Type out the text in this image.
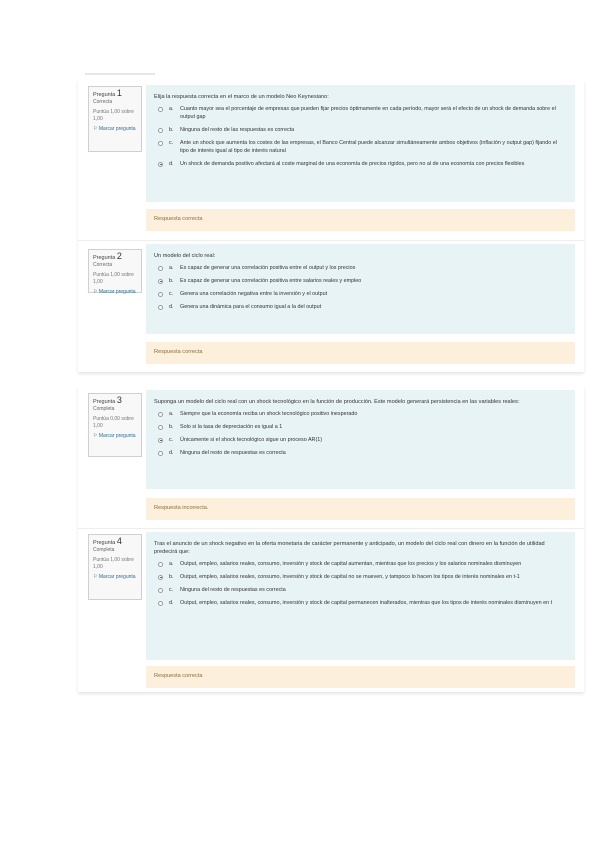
Pregunta 1
Correcta
Puntúa 1,00 sobre 1,00
⚐ Marcar pregunta
Elija la respuesta correcta en el marco de un modelo Neo Keynesiano:
a.	Cuanto mayor sea el porcentaje de empresas que pueden fijar precios óptimamente en cada período, mayor será el efecto de un shock de demanda sobre el output gap
b.	Ninguna del resto de las respuestas es correcta
c.	Ante un shock que aumenta los costes de las empresas, el Banco Central puede alcanzar simultáneamente ambos objetivos (inflación y output gap) fijando el tipo de interés igual al tipo de interés natural
d.	Un shock de demanda positivo afectará al coste marginal de una economía de precios rígidos, pero no al de una economía con precios flexibles
Respuesta correcta
Pregunta 2
Correcta
Puntúa 1,00 sobre 1,00
⚐ Marcar pregunta
Un modelo del ciclo real:
a.	Es capaz de generar una correlación positiva entre el output y los precios
b.	Es capaz de generar una correlación positiva entre salarios reales y empleo
c.	Genera una correlación negativa entre la inversión y el output
d.	Genera una dinámica para el consumo igual a la del output
Respuesta correcta
Pregunta 3
Completa
Puntúa 0,00 sobre 1,00
⚐ Marcar pregunta
Suponga un modelo del ciclo real con un shock tecnológico en la función de producción. Este modelo generará persistencia en las variables reales:
a.	Siempre que la economía reciba un shock tecnológico positivo inesperado
b.	Solo si la tasa de depreciación es igual a 1
c.	Únicamente si el shock tecnológico sigue un proceso AR(1)
d.	Ninguna del resto de respuestas es correcta
Respuesta incorrecta.
Pregunta 4
Completa
Puntúa 1,00 sobre 1,00
⚐ Marcar pregunta
Tras el anuncio de un shock negativo en la oferta monetaria de carácter permanente y anticipado, un modelo del ciclo real con dinero en la función de utilidad predecirá que:
a.	Output, empleo, salarios reales, consumo, inversión y stock de capital aumentan, mientras que los precios y los salarios nominales disminuyen
b.	Output, empleo, salarios reales, consumo, inversión y stock de capital no se mueven, y tampoco lo hacen los tipos de interés nominales en t-1
c.	Ninguna del resto de respuestas es correcta
d.	Output, empleo, salarios reales, consumo, inversión y stock de capital permanecen inalterados, mientras que los tipos de interés nominales disminuyen en t
Respuesta correcta
